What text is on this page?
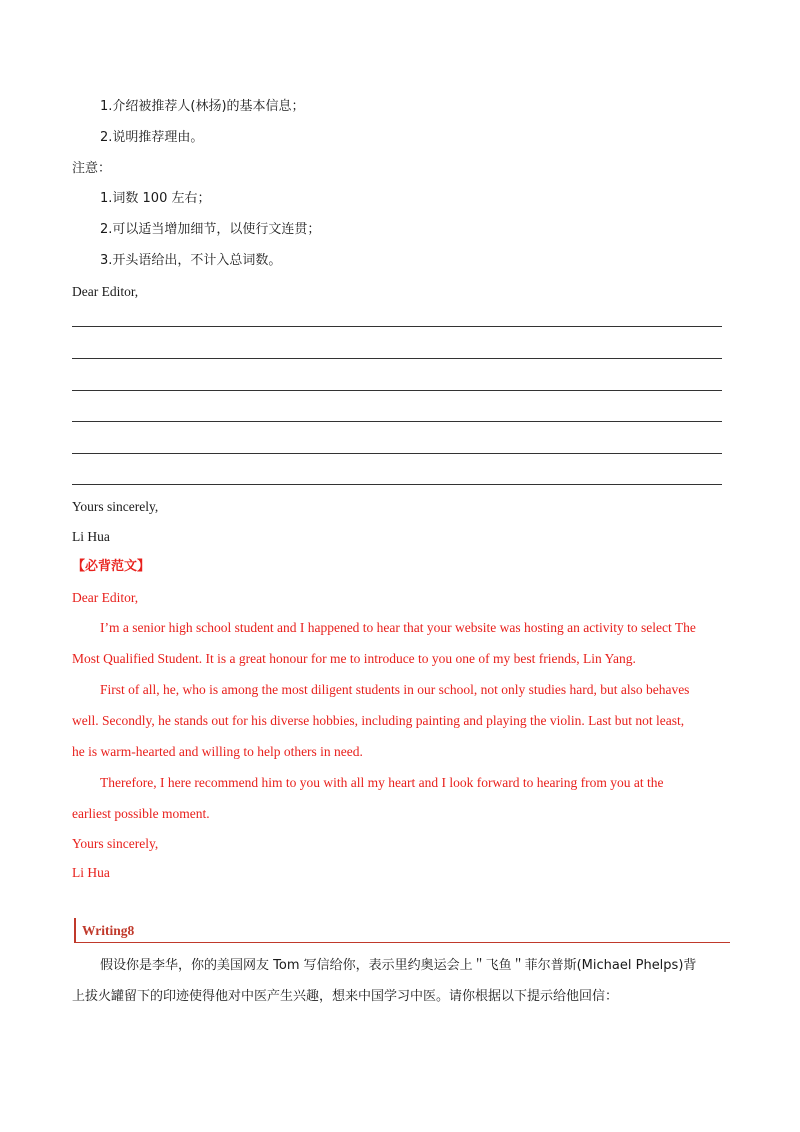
1.介绍被推荐人(林扬)的基本信息；
2.说明推荐理由。
注意：
1.词数 100 左右；
2.可以适当增加细节，以使行文连贯；
3.开头语给出，不计入总词数。
Dear Editor,
Yours sincerely,
Li Hua
【必背范文】
Dear Editor,
I’m a senior high school student and I happened to hear that your website was hosting an activity to select The
Most Qualified Student. It is a great honour for me to introduce to you one of my best friends, Lin Yang.
First of all, he, who is among the most diligent students in our school, not only studies hard, but also behaves
well. Secondly, he stands out for his diverse hobbies, including painting and playing the violin. Last but not least,
he is warm-hearted and willing to help others in need.
Therefore, I here recommend him to you with all my heart and I look forward to hearing from you at the
earliest possible moment.
Yours sincerely,
Li Hua
Writing8
假设你是李华，你的美国网友 Tom 写信给你，表示里约奥运会上＂飞鱼＂菲尔普斯(Michael Phelps)背
上拔火罐留下的印迹使得他对中医产生兴趣，想来中国学习中医。请你根据以下提示给他回信：
